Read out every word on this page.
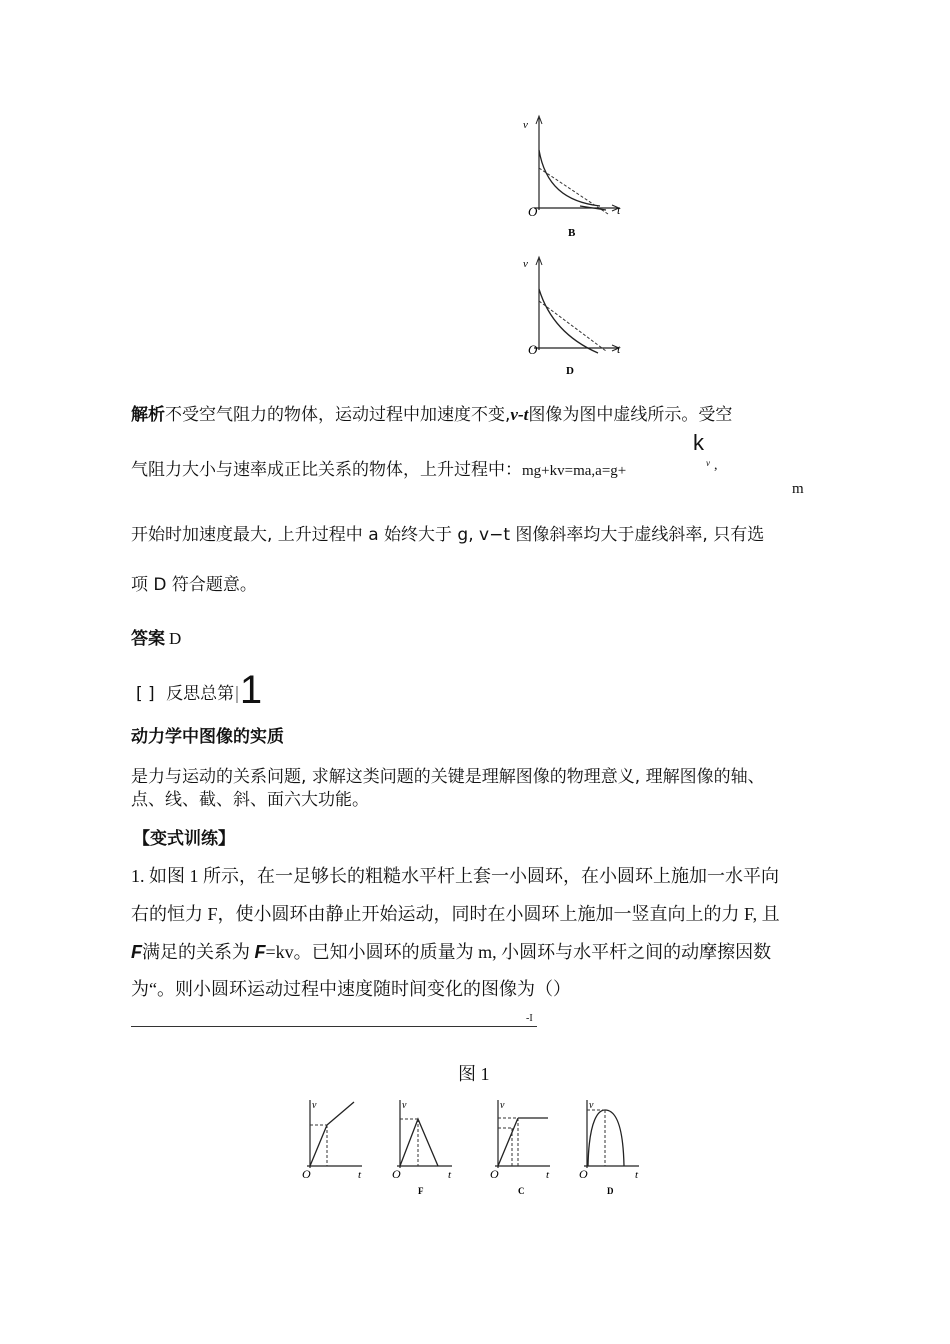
v
t
O
B
v
t
O
D
解析不受空气阻力的物体，运动过程中加速度不变,v-t图像为图中虚线所示。受空
气阻力大小与速率成正比关系的物体，上升过程中：mg+kv=ma,a=g+
k
v ,
m
开始时加速度最大, 上升过程中 a 始终大于 g, v−t 图像斜率均大于虚线斜率, 只有选
项 D 符合题意。
答案 D
[ ] 反思总第|1
动力学中图像的实质
是力与运动的关系问题, 求解这类问题的关键是理解图像的物理意义, 理解图像的轴、
点、线、截、斜、面六大功能。
【变式训练】
1. 如图 1 所示，在一足够长的粗糙水平杆上套一小圆环，在小圆环上施加一水平向
右的恒力 F，使小圆环由静止开始运动，同时在小圆环上施加一竖直向上的力 F, 且
F满足的关系为 F=kv。已知小圆环的质量为 m, 小圆环与水平杆之间的动摩擦因数
为“。则小圆环运动过程中速度随时间变化的图像为（）
-I
图 1
v
t
O
v
t
O
F
v
t
O
C
v
t
O
D
